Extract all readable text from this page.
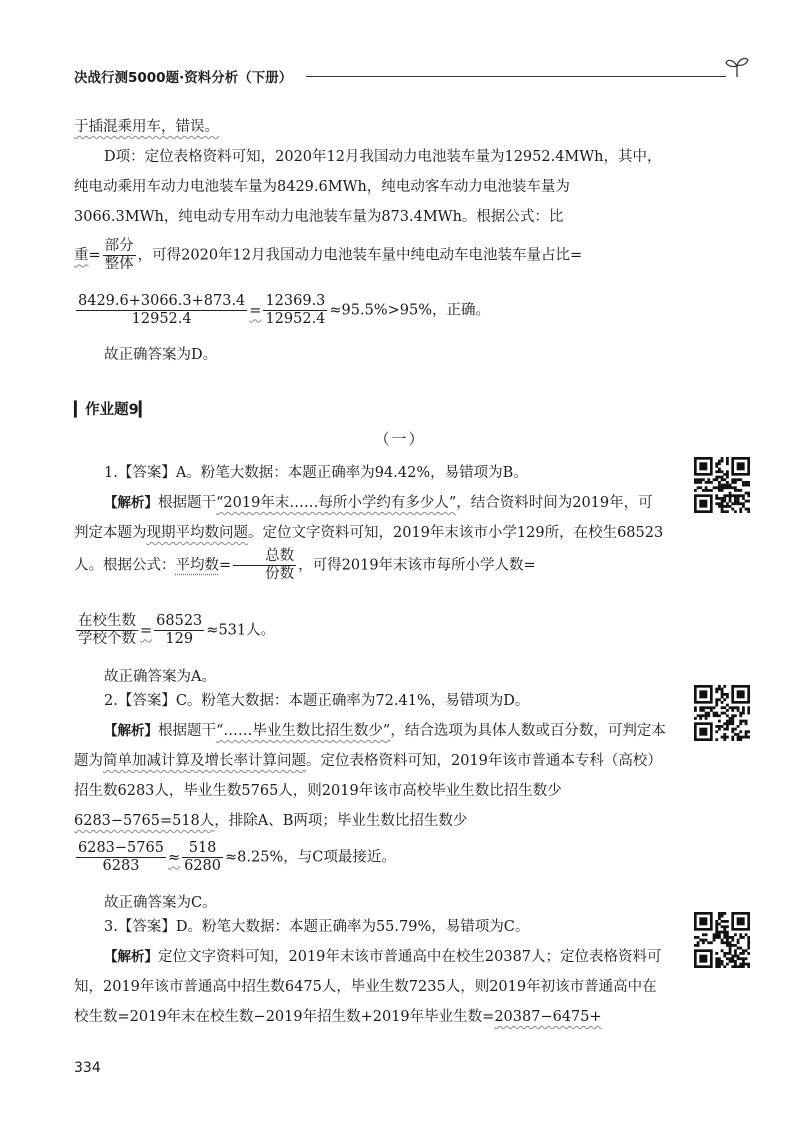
决战行测5000题·资料分析（下册）
于插混乘用车，错误。
D项：定位表格资料可知，2020年12月我国动力电池装车量为12952.4MWh，其中，纯电动乘用车动力电池装车量为8429.6MWh，纯电动客车动力电池装车量为3066.3MWh，纯电动专用车动力电池装车量为873.4MWh。根据公式：比
重= $\frac{\text{部分}}{\text{整体}}$ ，可得2020年12月我国动力电池装车量中纯电动车电池装车量占比=
$\frac{8429.6+3066.3+873.4}{12952.4} = \frac{12369.3}{12952.4} \approx 95.5\%>95\%$，正确。
故正确答案为D。
▎作业题9▎
（一）
1.【答案】A。粉笔大数据：本题正确率为94.42%，易错项为B。
【解析】根据题干“2019年末……每所小学约有多少人”，结合资料时间为2019年，可判定本题为现期平均数问题。定位文字资料可知，2019年末该市小学129所，在校生68523人。根据公式：平均数= $\frac{\text{总数}}{\text{份数}}$ ，可得2019年末该市每所小学人数=
$\frac{\text{在校生数}}{\text{学校个数}} = \frac{68523}{129} \approx 531$人。
故正确答案为A。
2.【答案】C。粉笔大数据：本题正确率为72.41%，易错项为D。
【解析】根据题干“……毕业生数比招生数少”，结合选项为具体人数或百分数，可判定本题为简单加减计算及增长率计算问题。定位表格资料可知，2019年该市普通本专科（高校）招生数6283人，毕业生数5765人，则2019年该市高校毕业生数比招生数少6283−5765=518人，排除A、B两项；毕业生数比招生数少
$\frac{6283-5765}{6283} \approx \frac{518}{6280} \approx 8.25\%$，与C项最接近。
故正确答案为C。
3.【答案】D。粉笔大数据：本题正确率为55.79%，易错项为C。
【解析】定位文字资料可知，2019年末该市普通高中在校生20387人；定位表格资料可知，2019年该市普通高中招生数6475人，毕业生数7235人，则2019年初该市普通高中在校生数=2019年末在校生数−2019年招生数+2019年毕业生数=20387−6475+
334
